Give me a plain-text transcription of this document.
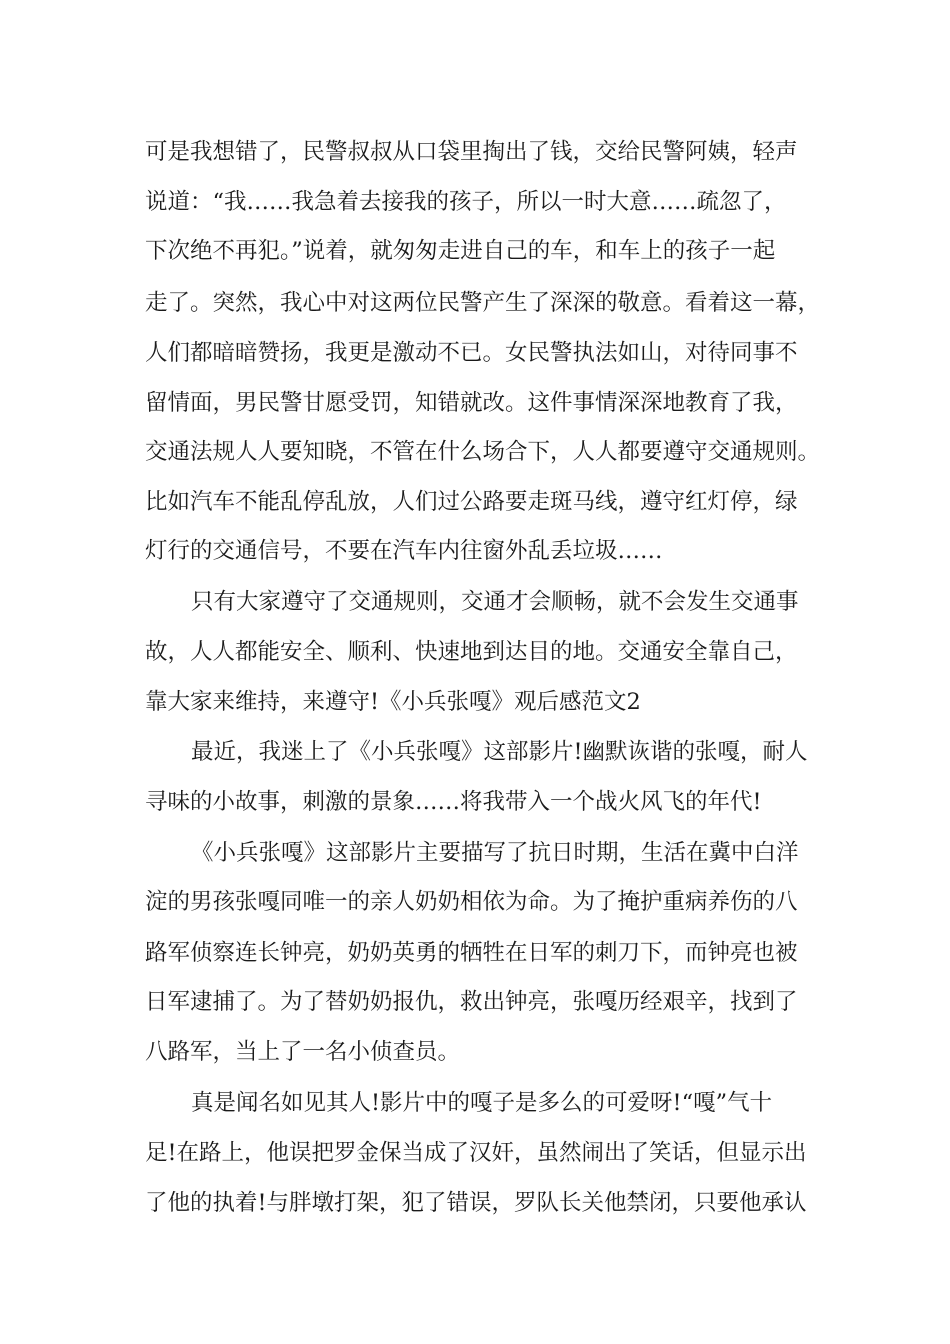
可是我想错了，民警叔叔从口袋里掏出了钱，交给民警阿姨，轻声
说道：“我……我急着去接我的孩子，所以一时大意……疏忽了，
下次绝不再犯。”说着，就匆匆走进自己的车，和车上的孩子一起
走了。突然，我心中对这两位民警产生了深深的敬意。看着这一幕，
人们都暗暗赞扬，我更是激动不已。女民警执法如山，对待同事不
留情面，男民警甘愿受罚，知错就改。这件事情深深地教育了我，
交通法规人人要知晓，不管在什么场合下，人人都要遵守交通规则。
比如汽车不能乱停乱放，人们过公路要走斑马线，遵守红灯停，绿
灯行的交通信号，不要在汽车内往窗外乱丢垃圾……
只有大家遵守了交通规则，交通才会顺畅，就不会发生交通事
故，人人都能安全、顺利、快速地到达目的地。交通安全靠自己，
靠大家来维持，来遵守!《小兵张嘎》观后感范文2
最近，我迷上了《小兵张嘎》这部影片!幽默诙谐的张嘎，耐人
寻味的小故事，刺激的景象……将我带入一个战火风飞的年代!
《小兵张嘎》这部影片主要描写了抗日时期，生活在冀中白洋
淀的男孩张嘎同唯一的亲人奶奶相依为命。为了掩护重病养伤的八
路军侦察连长钟亮，奶奶英勇的牺牲在日军的刺刀下，而钟亮也被
日军逮捕了。为了替奶奶报仇，救出钟亮，张嘎历经艰辛，找到了
八路军，当上了一名小侦查员。
真是闻名如见其人!影片中的嘎子是多么的可爱呀!“嘎”气十
足!在路上，他误把罗金保当成了汉奸，虽然闹出了笑话，但显示出
了他的执着!与胖墩打架，犯了错误，罗队长关他禁闭，只要他承认
